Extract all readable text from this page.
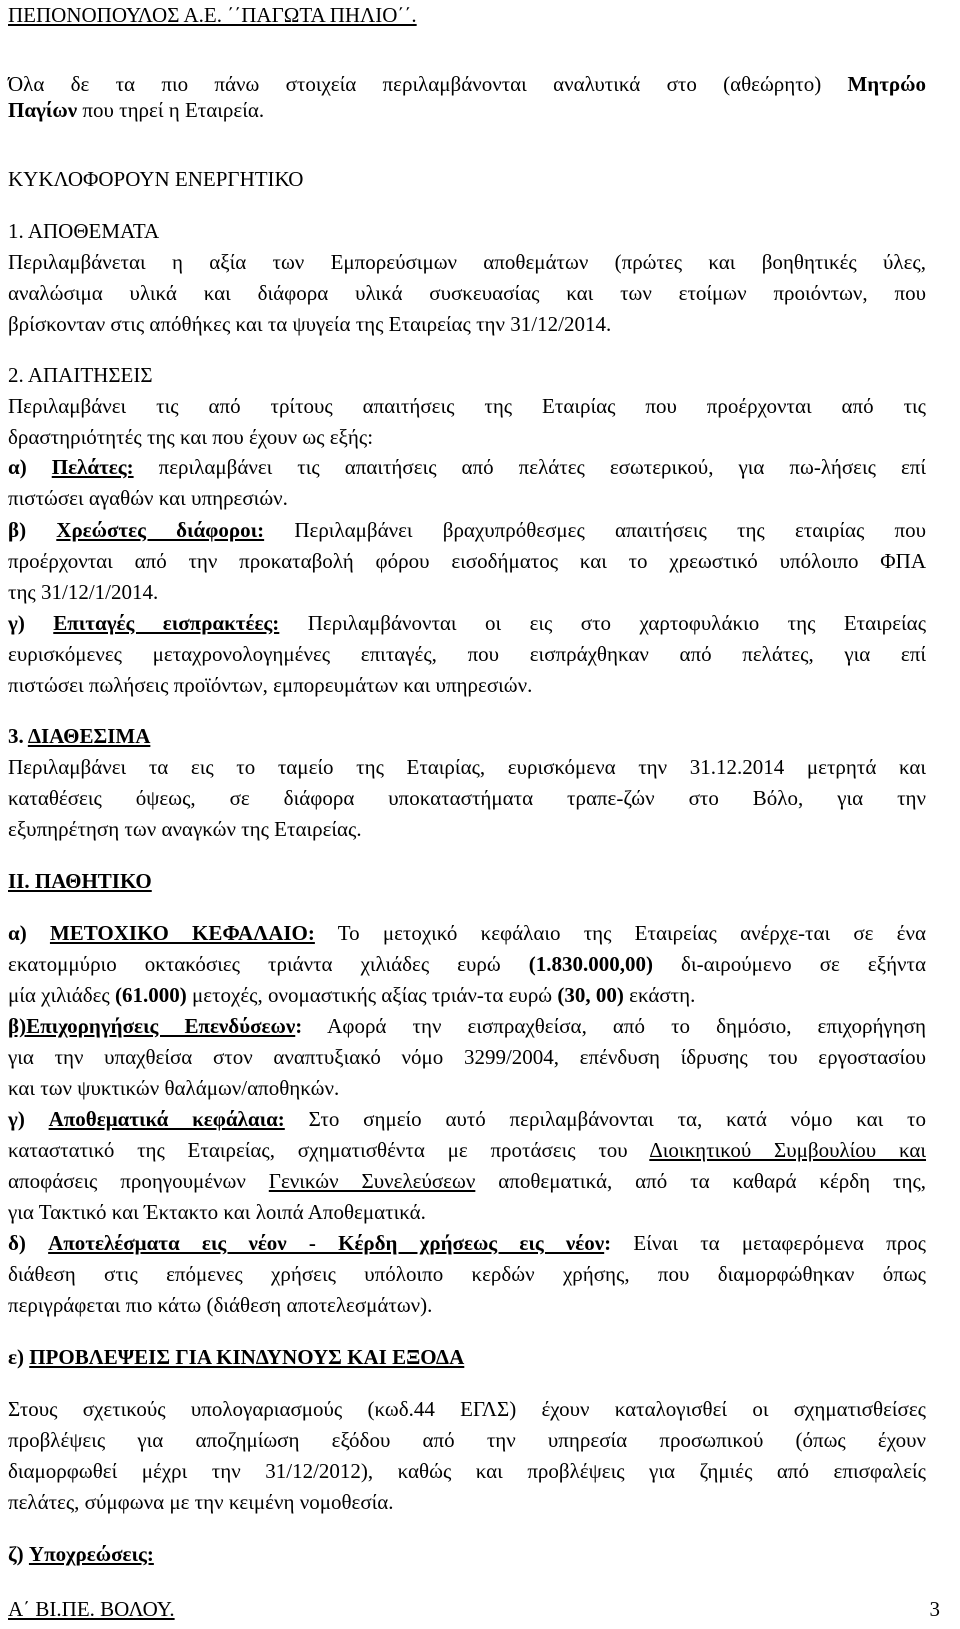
ΠΕΠΟΝΟΠΟΥΛΟΣ Α.Ε. ΄΄ΠΑΓΩΤΑ ΠΗΛΙΟ΄΄.
Όλα δε τα πιο πάνω στοιχεία περιλαμβάνονται αναλυτικά στο (αθεώρητο) Μητρώο
Παγίων που τηρεί η Εταιρεία.
ΚΥΚΛΟΦΟΡΟΥΝ ΕΝΕΡΓΗΤΙΚΟ
1. ΑΠΟΘΕΜΑΤΑ
Περιλαμβάνεται η αξία των Εμπορεύσιμων αποθεμάτων (πρώτες και βοηθητικές ύλες,
αναλώσιμα υλικά και διάφορα υλικά συσκευασίας και των ετοίμων προιόντων, που
βρίσκονταν στις απόθήκες και τα ψυγεία της Εταιρείας την 31/12/2014.
2. ΑΠΑΙΤΗΣΕΙΣ
Περιλαμβάνει τις από τρίτους απαιτήσεις της Εταιρίας που προέρχονται από τις
δραστηριότητές της και που έχουν ως εξής:
α) Πελάτες: περιλαμβάνει τις απαιτήσεις από πελάτες εσωτερικού, για πω-λήσεις επί
πιστώσει αγαθών και υπηρεσιών.
β) Χρεώστες διάφοροι: Περιλαμβάνει βραχυπρόθεσμες απαιτήσεις της εταιρίας που
προέρχονται από την προκαταβολή φόρου εισοδήματος και το χρεωστικό υπόλοιπο ΦΠΑ
της 31/12/1/2014.
γ) Επιταγές εισπρακτέες: Περιλαμβάνονται οι εις στο χαρτοφυλάκιο της Εταιρείας
ευρισκόμενες μεταχρονολογημένες επιταγές, που εισπράχθηκαν από πελάτες, για επί
πιστώσει πωλήσεις προϊόντων, εμπορευμάτων και υπηρεσιών.
3. ΔΙΑΘΕΣΙΜΑ
Περιλαμβάνει τα εις το ταμείο της Εταιρίας, ευρισκόμενα την 31.12.2014 μετρητά και
καταθέσεις όψεως, σε διάφορα υποκαταστήματα τραπε-ζών στο Βόλο, για την
εξυπηρέτηση των αναγκών της Εταιρείας.
ΙΙ. ΠΑΘΗΤΙΚΟ
α) ΜΕΤΟΧΙΚΟ ΚΕΦΑΛΑΙΟ: Το μετοχικό κεφάλαιο της Εταιρείας ανέρχε-ται σε ένα
εκατομμύριο οκτακόσιες τριάντα χιλιάδες ευρώ (1.830.000,00) δι-αιρούμενο σε εξήντα
μία χιλιάδες (61.000) μετοχές, ονομαστικής αξίας τριάν-τα ευρώ (30, 00) εκάστη.
β)Επιχορηγήσεις Επενδύσεων: Αφορά την εισπραχθείσα, από το δημόσιο, επιχορήγηση
για την υπαχθείσα στον αναπτυξιακό νόμο 3299/2004, επένδυση ίδρυσης του εργοστασίου
και των ψυκτικών θαλάμων/αποθηκών.
γ) Αποθεματικά κεφάλαια: Στο σημείο αυτό περιλαμβάνονται τα, κατά νόμο και το
καταστατικό της Εταιρείας, σχηματισθέντα με προτάσεις του Διοικητικού Συμβουλίου και
αποφάσεις προηγουμένων Γενικών Συνελεύσεων αποθεματικά, από τα καθαρά κέρδη της,
για Τακτικό και Έκτακτο και λοιπά Αποθεματικά.
δ) Αποτελέσματα εις νέον - Κέρδη χρήσεως εις νέον: Είναι τα μεταφερόμενα προς
διάθεση στις επόμενες χρήσεις υπόλοιπο κερδών χρήσης, που διαμορφώθηκαν όπως
περιγράφεται πιο κάτω (διάθεση αποτελεσμάτων).
ε) ΠΡΟΒΛΕΨΕΙΣ ΓΙΑ ΚΙΝΔΥΝΟΥΣ ΚΑΙ ΕΞΟΔΑ
Στους σχετικούς υπολογαριασμούς (κωδ.44 ΕΓΛΣ) έχουν καταλογισθεί οι σχηματισθείσες
προβλέψεις για αποζημίωση εξόδου από την υπηρεσία προσωπικού (όπως έχουν
διαμορφωθεί μέχρι την 31/12/2012), καθώς και προβλέψεις για ζημιές από επισφαλείς
πελάτες, σύμφωνα με την κειμένη νομοθεσία.
ζ) Υποχρεώσεις:
Α΄ ΒΙ.ΠΕ. ΒΟΛΟΥ.	3
